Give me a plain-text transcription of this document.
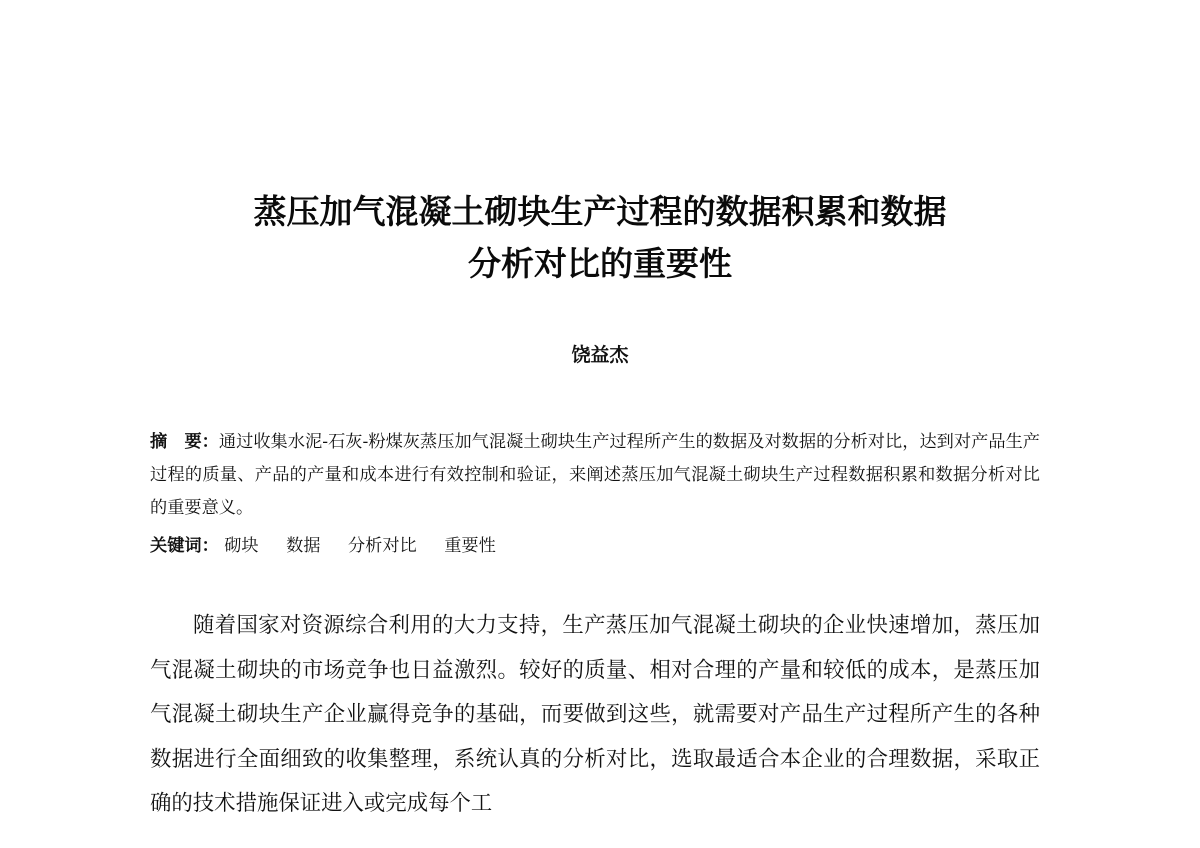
蒸压加气混凝土砌块生产过程的数据积累和数据
分析对比的重要性
饶益杰
摘　要：通过收集水泥-石灰-粉煤灰蒸压加气混凝土砌块生产过程所产生的数据及对数据的分析对比，达到对产品生产过程的质量、产品的产量和成本进行有效控制和验证，来阐述蒸压加气混凝土砌块生产过程数据积累和数据分析对比的重要意义。
关键词： 砌块 数据 分析对比 重要性

随着国家对资源综合利用的大力支持，生产蒸压加气混凝土砌块的企业快速增加，蒸压加气混凝土砌块的市场竞争也日益激烈。较好的质量、相对合理的产量和较低的成本，是蒸压加气混凝土砌块生产企业赢得竞争的基础，而要做到这些，就需要对产品生产过程所产生的各种数据进行全面细致的收集整理，系统认真的分析对比，选取最适合本企业的合理数据，采取正确的技术措施保证进入或完成每个工
